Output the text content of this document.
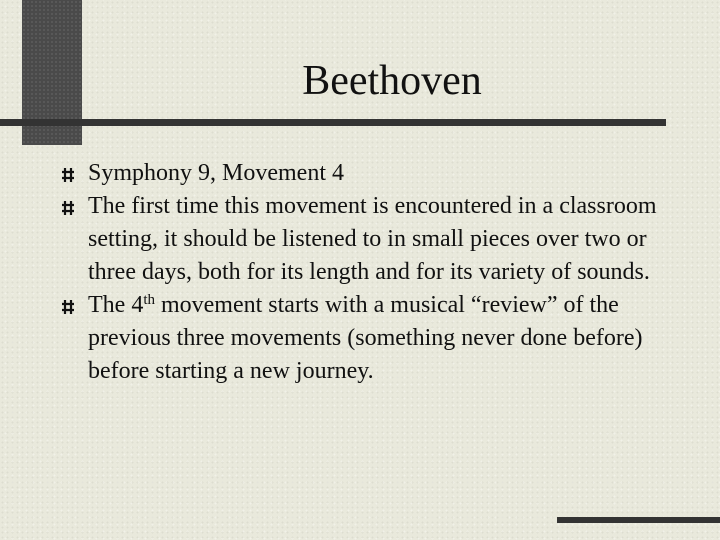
Beethoven
Symphony 9, Movement 4
The first time this movement is encountered in a classroom setting, it should be listened to in small pieces over two or three days, both for its length and for its variety of sounds.
The 4th movement starts with a musical “review” of the previous three movements (something never done before) before starting a new journey.
